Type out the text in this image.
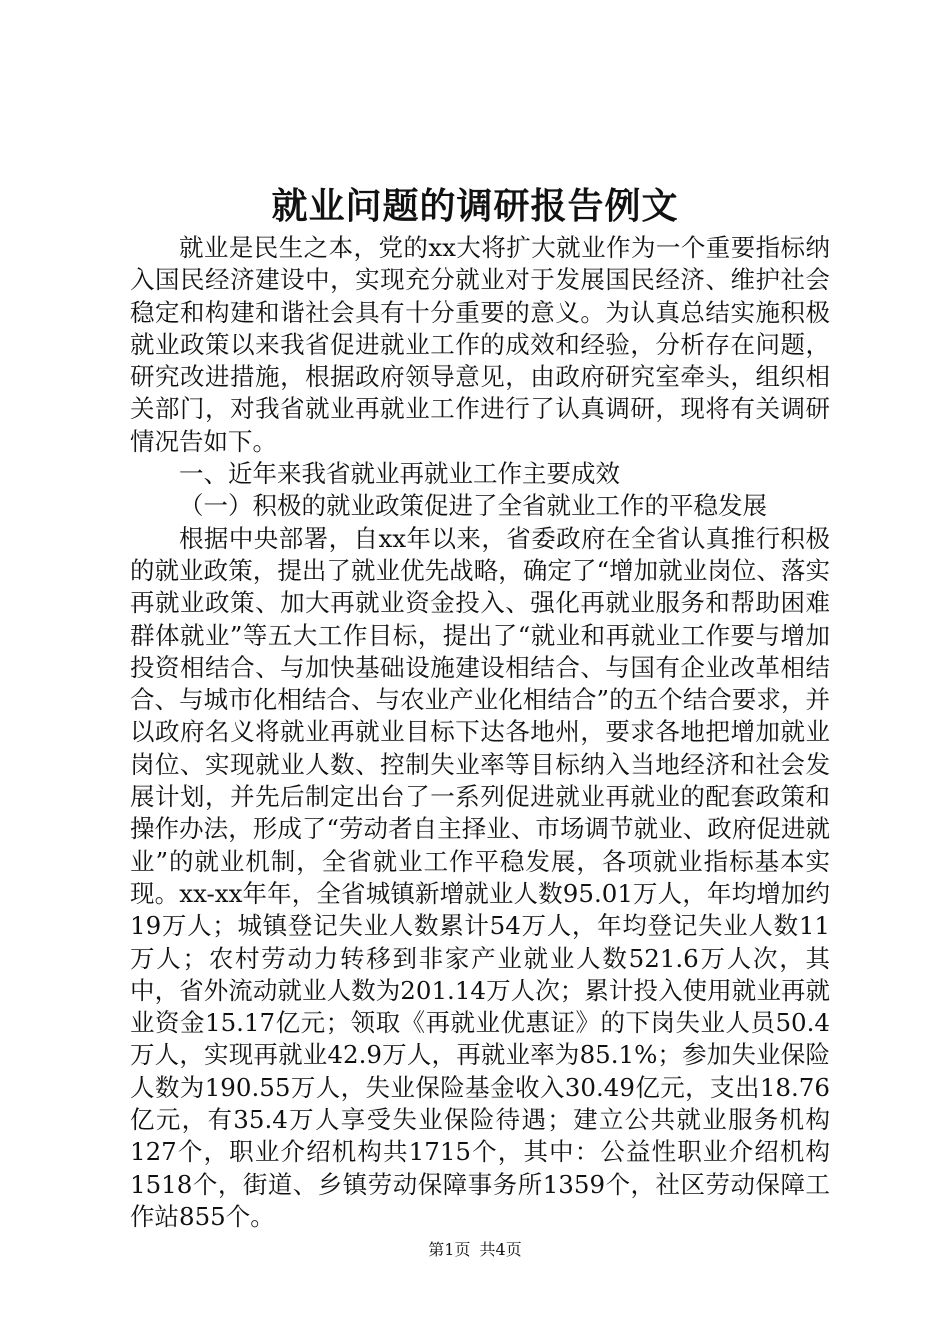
就业问题的调研报告例文

就业是民生之本，党的xx大将扩大就业作为一个重要指标纳入国民经济建设中，实现充分就业对于发展国民经济、维护社会稳定和构建和谐社会具有十分重要的意义。为认真总结实施积极就业政策以来我省促进就业工作的成效和经验，分析存在问题，研究改进措施，根据政府领导意见，由政府研究室牵头，组织相关部门，对我省就业再就业工作进行了认真调研，现将有关调研情况告如下。

一、近年来我省就业再就业工作主要成效

（一）积极的就业政策促进了全省就业工作的平稳发展

根据中央部署，自xx年以来，省委政府在全省认真推行积极的就业政策，提出了就业优先战略，确定了“增加就业岗位、落实再就业政策、加大再就业资金投入、强化再就业服务和帮助困难群体就业”等五大工作目标，提出了“就业和再就业工作要与增加投资相结合、与加快基础设施建设相结合、与国有企业改革相结合、与城市化相结合、与农业产业化相结合”的五个结合要求，并以政府名义将就业再就业目标下达各地州，要求各地把增加就业岗位、实现就业人数、控制失业率等目标纳入当地经济和社会发展计划，并先后制定出台了一系列促进就业再就业的配套政策和操作办法，形成了“劳动者自主择业、市场调节就业、政府促进就业”的就业机制，全省就业工作平稳发展，各项就业指标基本实现。xx-xx年年，全省城镇新增就业人数95.01万人，年均增加约19万人；城镇登记失业人数累计54万人，年均登记失业人数11万人；农村劳动力转移到非家产业就业人数521.6万人次，其中，省外流动就业人数为201.14万人次；累计投入使用就业再就业资金15.17亿元；领取《再就业优惠证》的下岗失业人员50.4万人，实现再就业42.9万人，再就业率为85.1%；参加失业保险人数为190.55万人，失业保险基金收入30.49亿元，支出18.76亿元，有35.4万人享受失业保险待遇；建立公共就业服务机构127个，职业介绍机构共1715个，其中：公益性职业介绍机构1518个，街道、乡镇劳动保障事务所1359个，社区劳动保障工作站855个。

第1页 共4页
